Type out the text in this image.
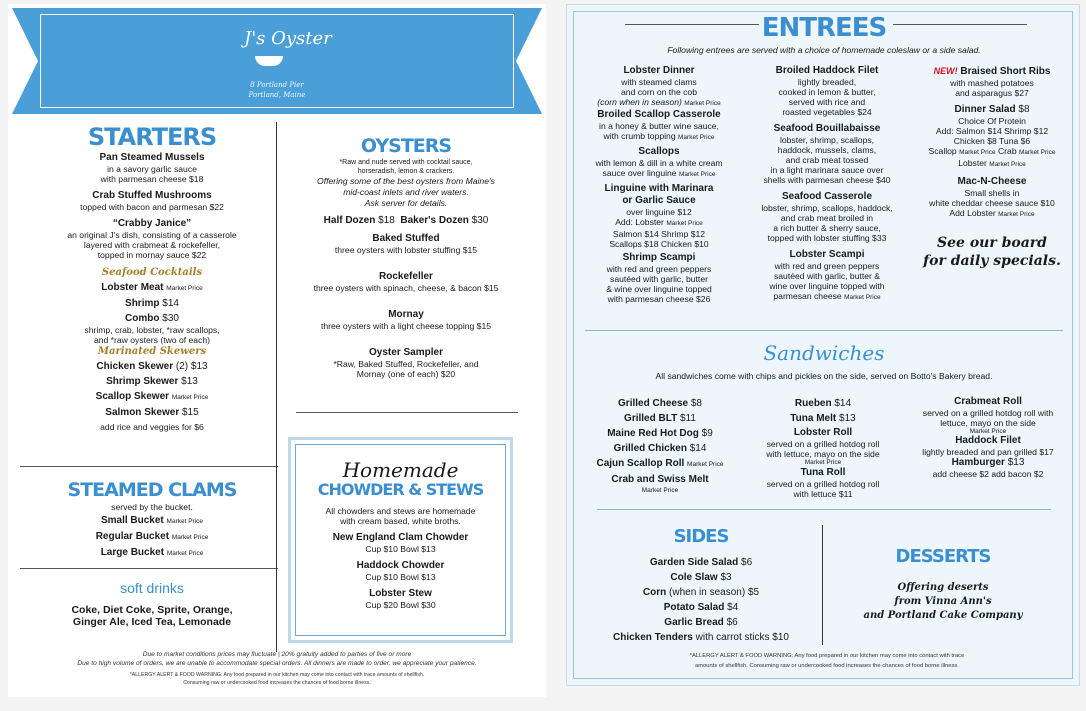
J's Oyster
8 Portland Pier
Portland, Maine
STARTERS
Pan Steamed Mussels
in a savory garlic sauce
with parmesan cheese $18
Crab Stuffed Mushrooms
topped with bacon and parmesan $22
“Crabby Janice”
an original J's dish, consisting of a casserole
layered with crabmeat & rockefeller,
topped in mornay sauce $22
Seafood Cocktails
Lobster Meat Market Price
Shrimp $14
Combo $30
shrimp, crab, lobster, *raw scallops,
and *raw oysters (two of each)
Marinated Skewers
Chicken Skewer (2) $13
Shrimp Skewer $13
Scallop Skewer Market Price
Salmon Skewer $15
add rice and veggies for $6
STEAMED CLAMS
served by the bucket.
Small Bucket Market Price
Regular Bucket Market Price
Large Bucket Market Price
soft drinks
Coke, Diet Coke, Sprite, Orange,
Ginger Ale, Iced Tea, Lemonade
OYSTERS
*Raw and nude served with cocktail sauce,
horseradish, lemon & crackers.
Offering some of the best oysters from Maine's
mid-coast inlets and river waters.
Ask server for details.
Half Dozen $18 Baker's Dozen $30
Baked Stuffed
three oysters with lobster stuffing $15
Rockefeller
three oysters with spinach, cheese, & bacon $15
Mornay
three oysters with a light cheese topping $15
Oyster Sampler
*Raw, Baked Stuffed, Rockefeller, and
Mornay (one of each) $20
Homemade
CHOWDER & STEWS
All chowders and stews are homemade
with cream based, white broths.
New England Clam Chowder
Cup $10 Bowl $13
Haddock Chowder
Cup $10 Bowl $13
Lobster Stew
Cup $20 Bowl $30
Due to market conditions prices may fluctuate | 20% gratuity added to parties of five or more
Due to high volume of orders, we are unable to accommodate special orders. All dinners are made to order, we appreciate your patience.
*ALLERGY ALERT & FOOD WARNING: Any food prepared in our kitchen may come into contact with trace amounts of shellfish.
Consuming raw or undercooked food increases the chances of food borne illness.
ENTREES
Following entrees are served with a choice of homemade coleslaw or a side salad.
Lobster Dinner
with steamed clams
and corn on the cob
(corn when in season) Market Price
Broiled Scallop Casserole
in a honey & butter wine sauce,
with crumb topping Market Price
Scallops
with lemon & dill in a white cream
sauce over linguine Market Price
Linguine with Marinara
or Garlic Sauce
over linguine $12
Add: Lobster Market Price
Salmon $14 Shrimp $12
Scallops $18 Chicken $10
Shrimp Scampi
with red and green peppers
sautéed with garlic, butter
& wine over linguine topped
with parmesan cheese $26
Broiled Haddock Filet
lightly breaded,
cooked in lemon & butter,
served with rice and
roasted vegetables $24
Seafood Bouillabaisse
lobster, shrimp, scallops,
haddock, mussels, clams,
and crab meat tossed
in a light marinara sauce over
shells with parmesan cheese $40
Seafood Casserole
lobster, shrimp, scallops, haddock,
and crab meat broiled in
a rich butter & sherry sauce,
topped with lobster stuffing $33
Lobster Scampi
with red and green peppers
sautéed with garlic, butter &
wine over linguine topped with
parmesan cheese Market Price
NEW! Braised Short Ribs
with mashed potatoes
and asparagus $27
Dinner Salad $8
Choice Of Protein
Add: Salmon $14 Shrimp $12
Chicken $8 Tuna $6
Scallop Market Price Crab Market Price
Lobster Market Price
Mac-N-Cheese
Small shells in
white cheddar cheese sauce $10
Add Lobster Market Price
See our board
for daily specials.
Sandwiches
All sandwiches come with chips and pickles on the side, served on Botto's Bakery bread.
Grilled Cheese $8
Grilled BLT $11
Maine Red Hot Dog $9
Grilled Chicken $14
Cajun Scallop Roll Market Price
Crab and Swiss Melt
Market Price
Rueben $14
Tuna Melt $13
Lobster Roll
served on a grilled hotdog roll
with lettuce, mayo on the side
Market Price
Tuna Roll
served on a grilled hotdog roll
with lettuce $11
Crabmeat Roll
served on a grilled hotdog roll with
lettuce, mayo on the side
Market Price
Haddock Filet
lightly breaded and pan grilled $17
Hamburger $13
add cheese $2 add bacon $2
SIDES
Garden Side Salad $6
Cole Slaw $3
Corn (when in season) $5
Potato Salad $4
Garlic Bread $6
Chicken Tenders with carrot sticks $10
DESSERTS
Offering deserts
from Vinna Ann's
and Portland Cake Company
*ALLERGY ALERT & FOOD WARNING: Any food prepared in our kitchen may come into contact with trace
amounts of shellfish. Consuming raw or undercooked food increases the chances of food borne illness.
